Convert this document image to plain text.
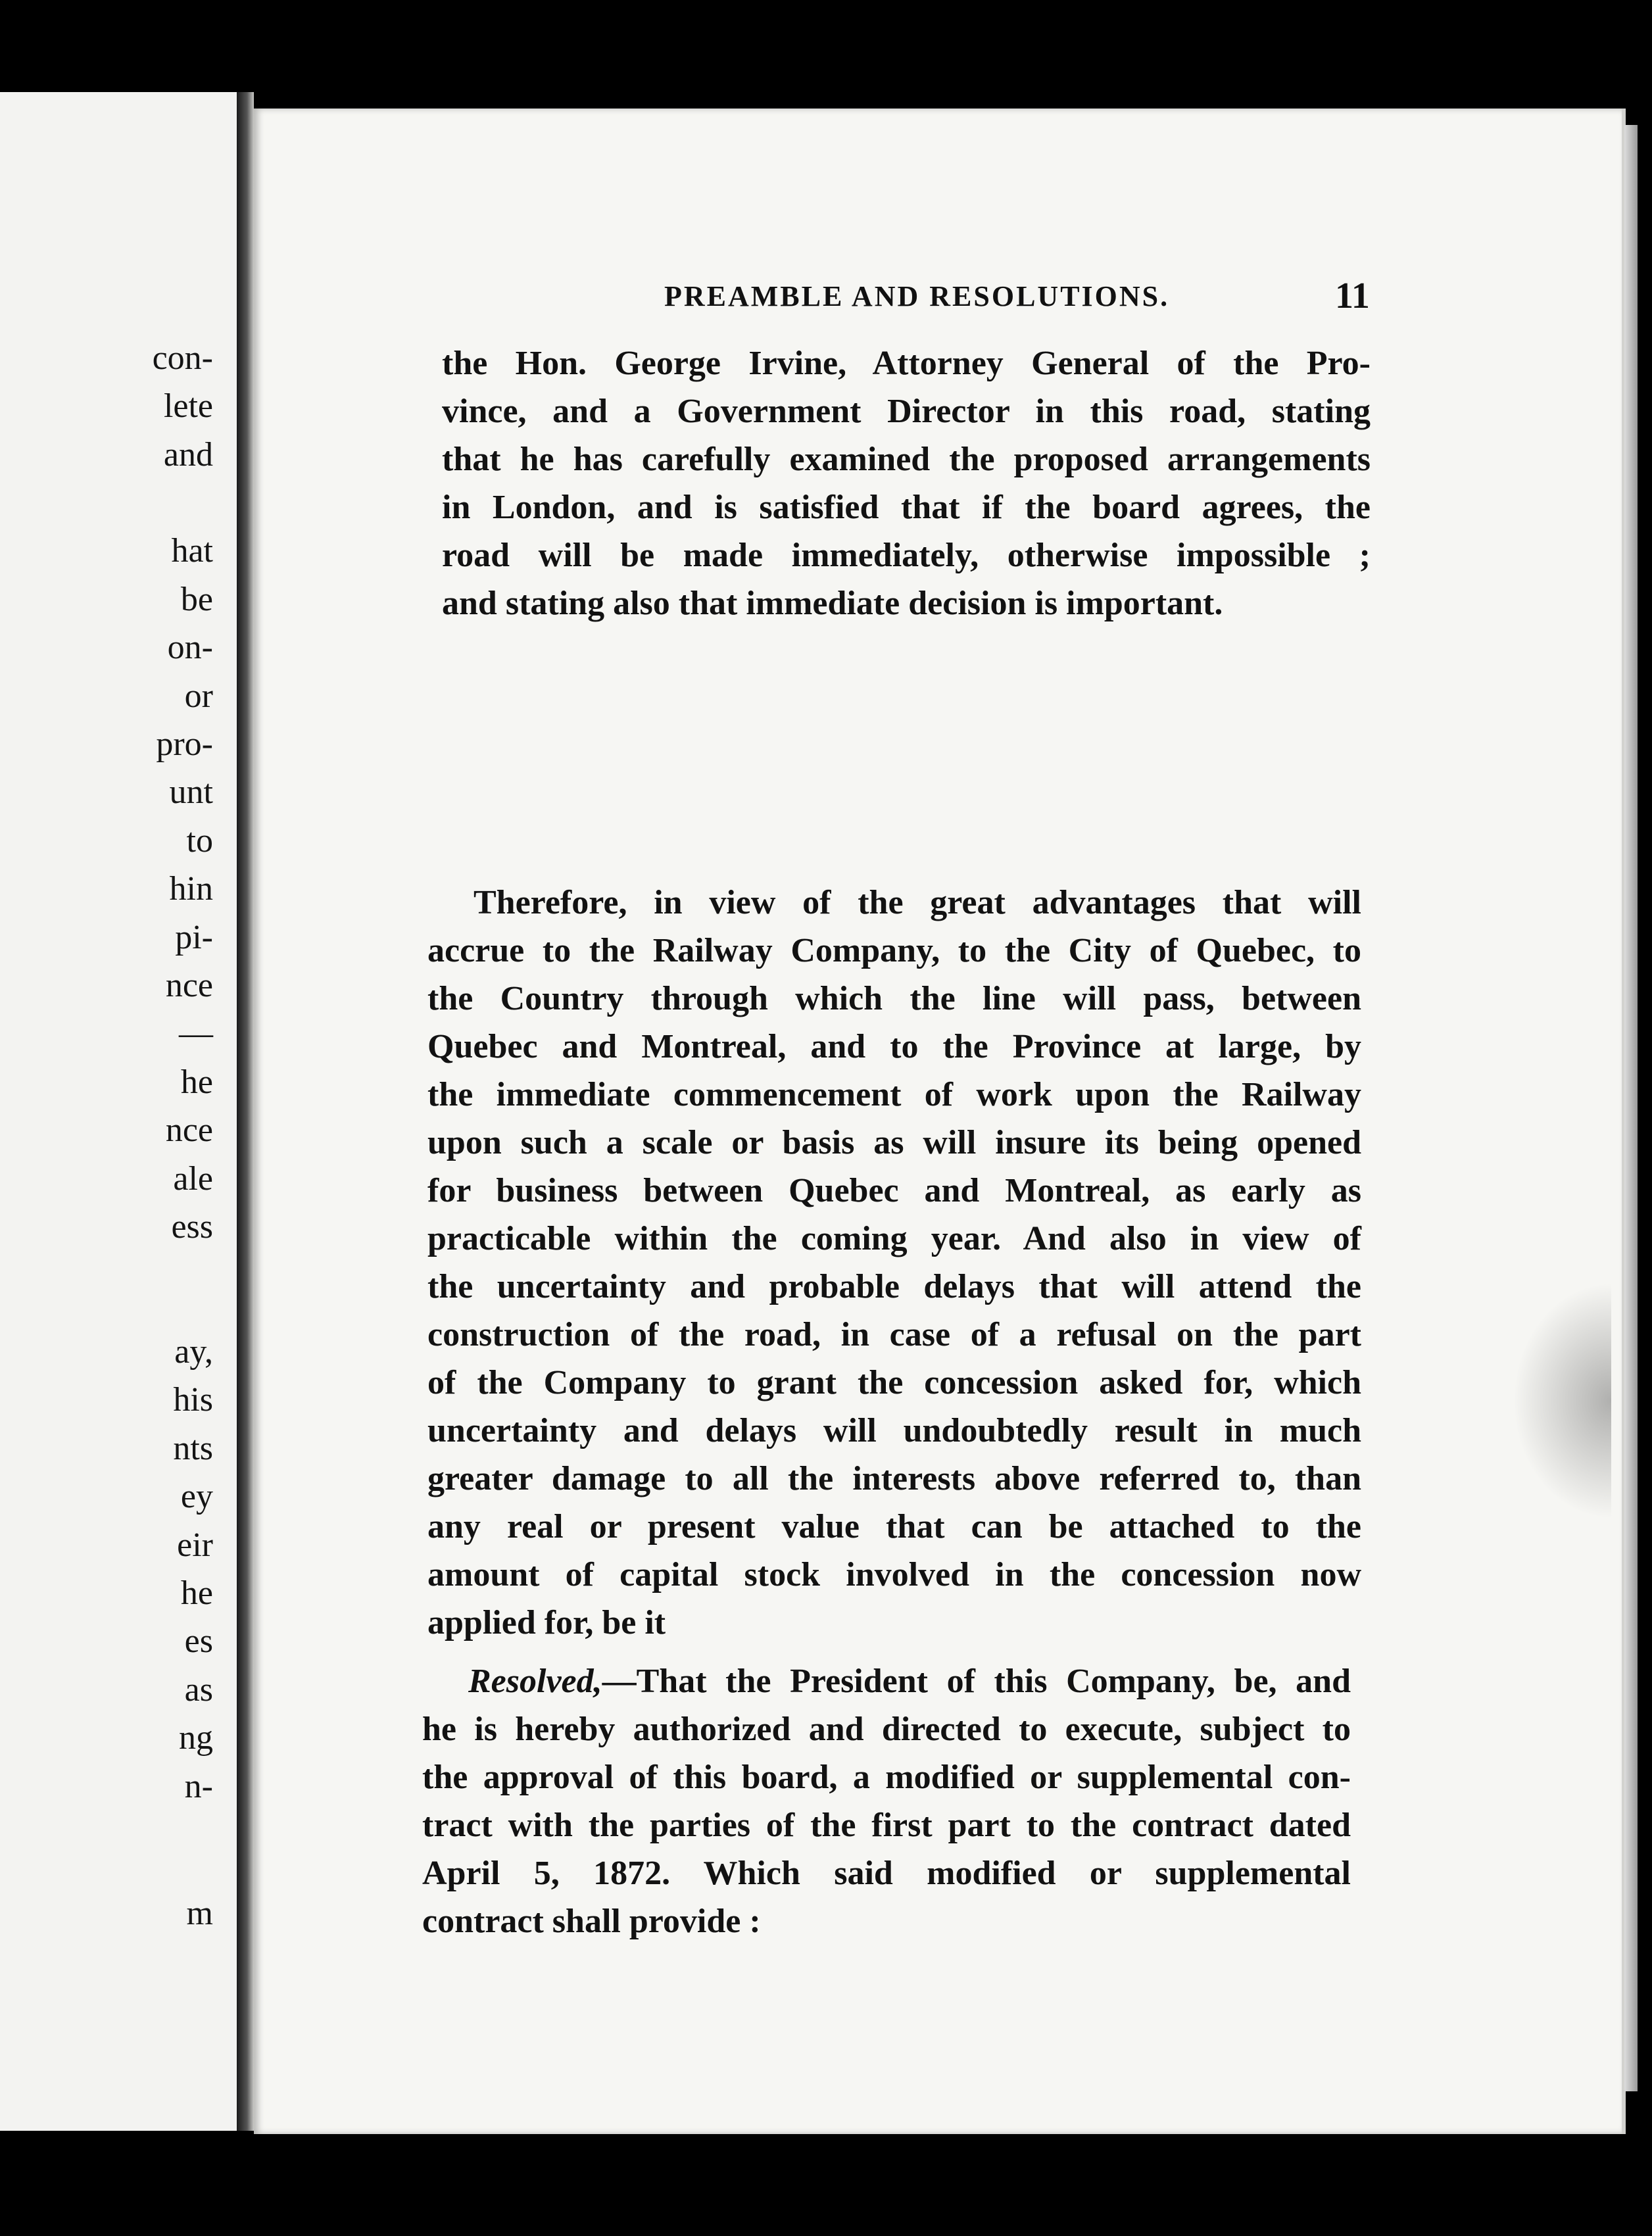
con-
lete
and
hat
be
on-
or
pro-
unt
to
hin
pi-
nce
—
he
nce
ale
ess
ay,
his
nts
ey
eir
he
es
as
ng
n-
m
PREAMBLE AND RESOLUTIONS.	11
the Hon. George Irvine, Attorney General of the Pro-
vince, and a Government Director in this road, stating
that he has carefully examined the proposed arrangements
in London, and is satisfied that if the board agrees, the
road will be made immediately, otherwise impossible ;
and stating also that immediate decision is important.
Therefore, in view of the great advantages that will
accrue to the Railway Company, to the City of Quebec, to
the Country through which the line will pass, between
Quebec and Montreal, and to the Province at large, by
the immediate commencement of work upon the Railway
upon such a scale or basis as will insure its being opened
for business between Quebec and Montreal, as early as
practicable within the coming year. And also in view of
the uncertainty and probable delays that will attend the
construction of the road, in case of a refusal on the part
of the Company to grant the concession asked for, which
uncertainty and delays will undoubtedly result in much
greater damage to all the interests above referred to, than
any real or present value that can be attached to the
amount of capital stock involved in the concession now
applied for, be it
Resolved,—That the President of this Company, be, and
he is hereby authorized and directed to execute, subject to
the approval of this board, a modified or supplemental con-
tract with the parties of the first part to the contract dated
April 5, 1872. Which said modified or supplemental
contract shall provide :
